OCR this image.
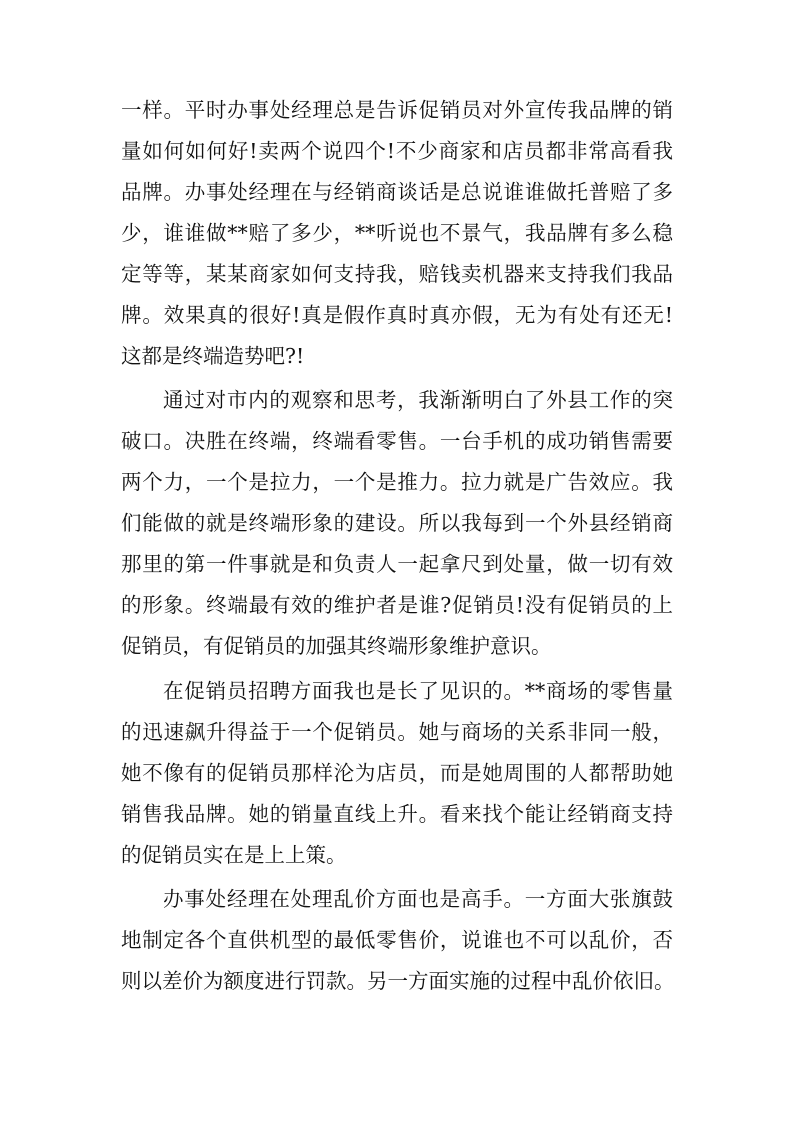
一样。平时办事处经理总是告诉促销员对外宣传我品牌的销
量如何如何好!卖两个说四个!不少商家和店员都非常高看我
品牌。办事处经理在与经销商谈话是总说谁谁做托普赔了多
少，谁谁做**赔了多少，**听说也不景气，我品牌有多么稳
定等等，某某商家如何支持我，赔钱卖机器来支持我们我品
牌。效果真的很好!真是假作真时真亦假，无为有处有还无!
这都是终端造势吧?!
通过对市内的观察和思考，我渐渐明白了外县工作的突
破口。决胜在终端，终端看零售。一台手机的成功销售需要
两个力，一个是拉力，一个是推力。拉力就是广告效应。我
们能做的就是终端形象的建设。所以我每到一个外县经销商
那里的第一件事就是和负责人一起拿尺到处量，做一切有效
的形象。终端最有效的维护者是谁?促销员!没有促销员的上
促销员，有促销员的加强其终端形象维护意识。
在促销员招聘方面我也是长了见识的。**商场的零售量
的迅速飙升得益于一个促销员。她与商场的关系非同一般，
她不像有的促销员那样沦为店员，而是她周围的人都帮助她
销售我品牌。她的销量直线上升。看来找个能让经销商支持
的促销员实在是上上策。
办事处经理在处理乱价方面也是高手。一方面大张旗鼓
地制定各个直供机型的最低零售价，说谁也不可以乱价，否
则以差价为额度进行罚款。另一方面实施的过程中乱价依旧。
